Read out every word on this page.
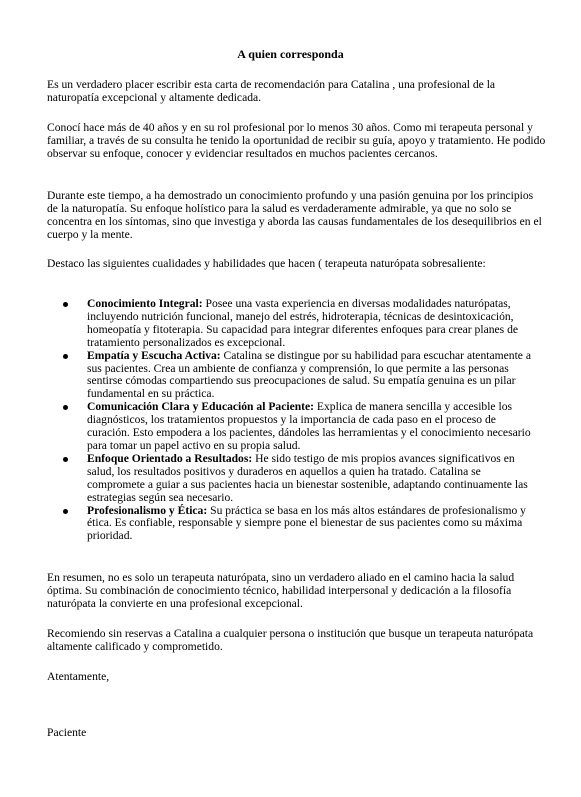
A quien corresponda

Es un verdadero placer escribir esta carta de recomendación para Catalina , una profesional de la naturopatía excepcional y altamente dedicada.

Conocí hace más de 40 años y en su rol profesional por lo menos 30 años. Como mi terapeuta personal y familiar, a través de su consulta he tenido la oportunidad de recibir su guía, apoyo y tratamiento. He podido observar su enfoque, conocer y evidenciar resultados en muchos pacientes cercanos.

Durante este tiempo, a ha demostrado un conocimiento profundo y una pasión genuina por los principios de la naturopatía. Su enfoque holístico para la salud es verdaderamente admirable, ya que no solo se concentra en los síntomas, sino que investiga y aborda las causas fundamentales de los desequilibrios en el cuerpo y la mente.

Destaco las siguientes cualidades y habilidades que hacen ( terapeuta naturópata sobresaliente:

Conocimiento Integral: Posee una vasta experiencia en diversas modalidades naturópatas, incluyendo nutrición funcional, manejo del estrés, hidroterapia, técnicas de desintoxicación, homeopatía y fitoterapia. Su capacidad para integrar diferentes enfoques para crear planes de tratamiento personalizados es excepcional.
Empatía y Escucha Activa: Catalina se distingue por su habilidad para escuchar atentamente a sus pacientes. Crea un ambiente de confianza y comprensión, lo que permite a las personas sentirse cómodas compartiendo sus preocupaciones de salud. Su empatía genuina es un pilar fundamental en su práctica.
Comunicación Clara y Educación al Paciente: Explica de manera sencilla y accesible los diagnósticos, los tratamientos propuestos y la importancia de cada paso en el proceso de curación. Esto empodera a los pacientes, dándoles las herramientas y el conocimiento necesario para tomar un papel activo en su propia salud.
Enfoque Orientado a Resultados: He sido testigo de mis propios avances significativos en salud, los resultados positivos y duraderos en aquellos a quien ha tratado. Catalina se compromete a guiar a sus pacientes hacia un bienestar sostenible, adaptando continuamente las estrategias según sea necesario.
Profesionalismo y Ética: Su práctica se basa en los más altos estándares de profesionalismo y ética. Es confiable, responsable y siempre pone el bienestar de sus pacientes como su máxima prioridad.

En resumen, no es solo un terapeuta naturópata, sino un verdadero aliado en el camino hacia la salud óptima. Su combinación de conocimiento técnico, habilidad interpersonal y dedicación a la filosofía naturópata la convierte en una profesional excepcional.

Recomiendo sin reservas a Catalina a cualquier persona o institución que busque un terapeuta naturópata altamente calificado y comprometido.

Atentamente,

Paciente
